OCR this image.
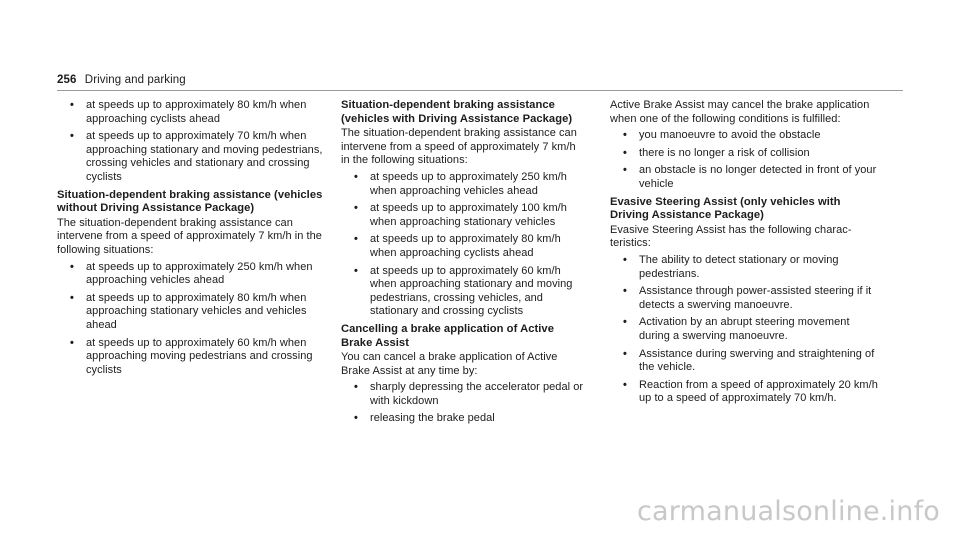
256 Driving and parking
• at speeds up to approximately 80 km/h when approaching cyclists ahead
• at speeds up to approximately 70 km/h when approaching stationary and moving pedestrians, crossing vehicles and stationary and crossing cyclists
Situation-dependent braking assistance (vehicles without Driving Assistance Package)

The situation-dependent braking assistance can intervene from a speed of approximately 7 km/h in the following situations:

• at speeds up to approximately 250 km/h when approaching vehicles ahead
• at speeds up to approximately 80 km/h when approaching stationary vehicles and vehicles ahead
• at speeds up to approximately 60 km/h when approaching moving pedestrians and crossing cyclists
Situation-dependent braking assistance (vehicles with Driving Assistance Package)

The situation-dependent braking assistance can intervene from a speed of approximately 7 km/h in the following situations:

• at speeds up to approximately 250 km/h when approaching vehicles ahead
• at speeds up to approximately 100 km/h when approaching stationary vehicles
• at speeds up to approximately 80 km/h when approaching cyclists ahead
• at speeds up to approximately 60 km/h when approaching stationary and moving pedestrians, crossing vehicles, and stationary and crossing cyclists
Cancelling a brake application of Active Brake Assist

You can cancel a brake application of Active Brake Assist at any time by:

• sharply depressing the accelerator pedal or with kickdown
• releasing the brake pedal

Active Brake Assist may cancel the brake application when one of the following conditions is fulfilled:

• you manoeuvre to avoid the obstacle
• there is no longer a risk of collision
• an obstacle is no longer detected in front of your vehicle
Evasive Steering Assist (only vehicles with Driving Assistance Package)

Evasive Steering Assist has the following characteristics:

• The ability to detect stationary or moving pedestrians.
• Assistance through power-assisted steering if it detects a swerving manoeuvre.
• Activation by an abrupt steering movement during a swerving manoeuvre.
• Assistance during swerving and straightening of the vehicle.
• Reaction from a speed of approximately 20 km/h up to a speed of approximately 70 km/h.
carmanualsonline.info
